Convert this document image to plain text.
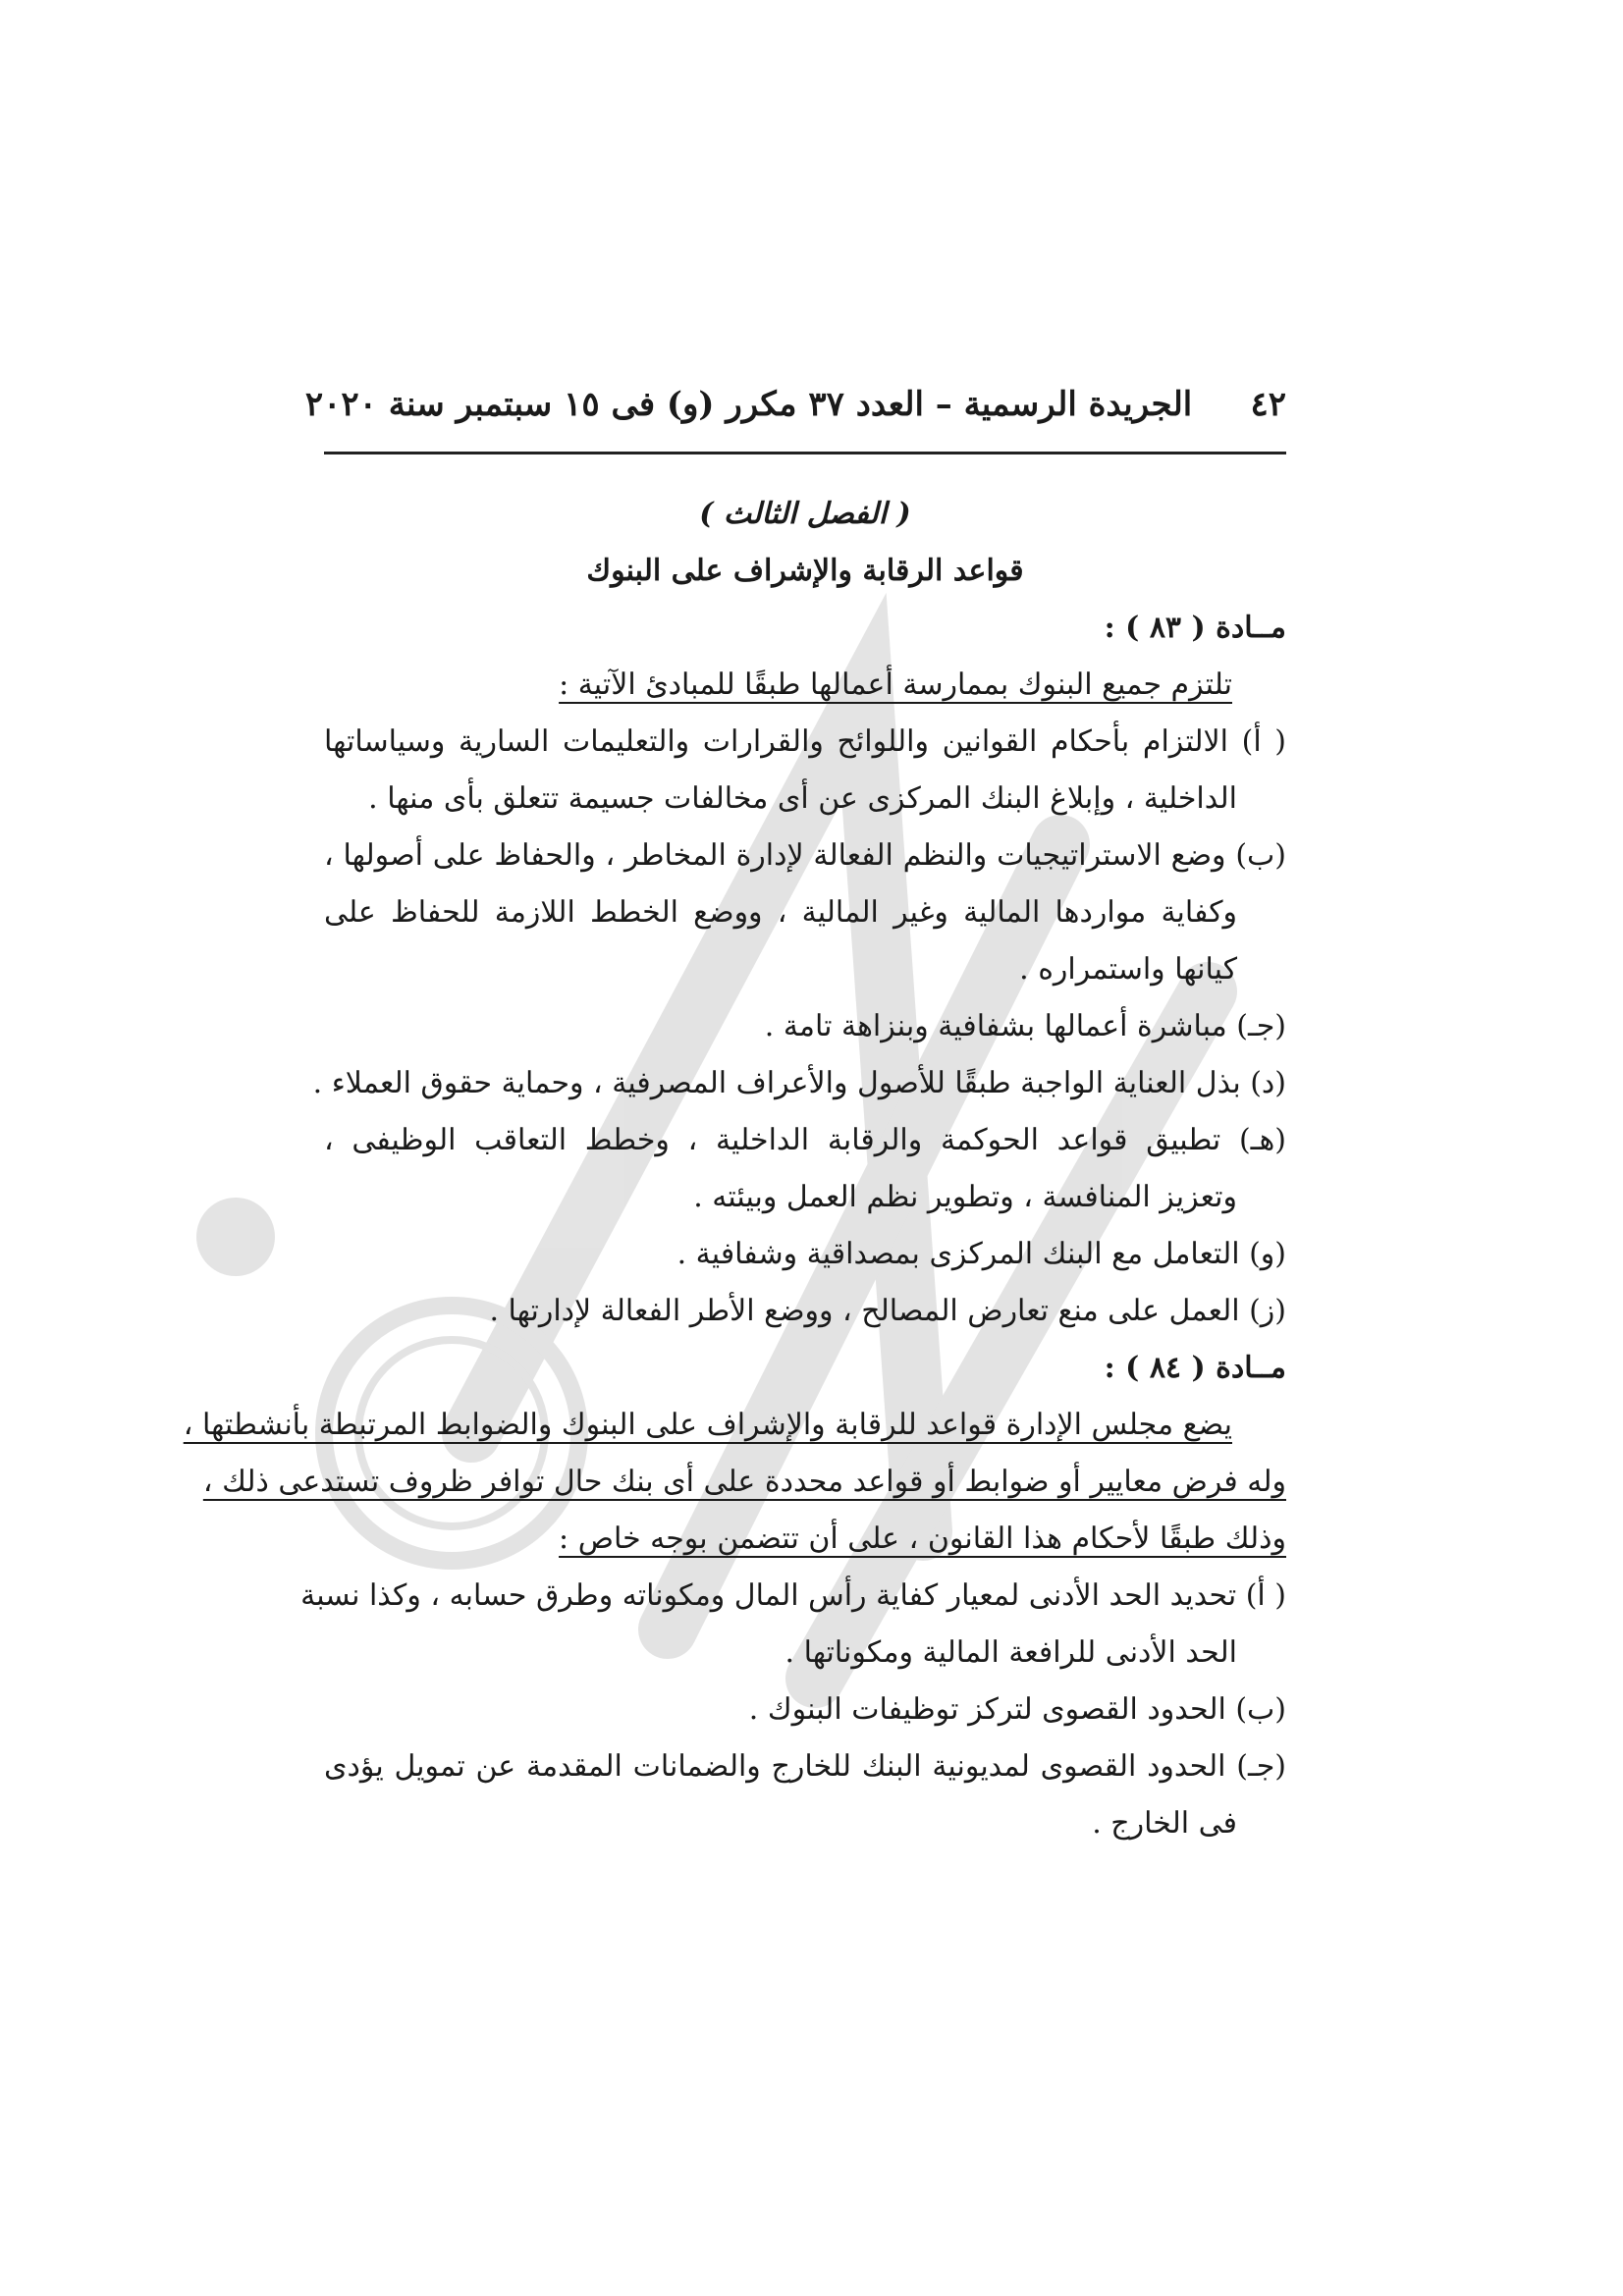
٤٢     الجريدة الرسمية – العدد ٣٧ مكرر (و) فى ١٥ سبتمبر سنة ٢٠٢٠
( الفصل الثالث )
قواعد الرقابة والإشراف على البنوك
مــادة ( ٨٣ ) :
تلتزم جميع البنوك بممارسة أعمالها طبقًا للمبادئ الآتية :
( أ) الالتزام بأحكام القوانين واللوائح والقرارات والتعليمات السارية وسياساتها
الداخلية ، وإبلاغ البنك المركزى عن أى مخالفات جسيمة تتعلق بأى منها .
(ب) وضع الاستراتيجيات والنظم الفعالة لإدارة المخاطر ، والحفاظ على أصولها ،
وكفاية مواردها المالية وغير المالية ، ووضع الخطط اللازمة للحفاظ على
كيانها واستمراره .
(جـ) مباشرة أعمالها بشفافية وبنزاهة تامة .
(د) بذل العناية الواجبة طبقًا للأصول والأعراف المصرفية ، وحماية حقوق العملاء .
(هـ) تطبيق قواعد الحوكمة والرقابة الداخلية ، وخطط التعاقب الوظيفى ،
وتعزيز المنافسة ، وتطوير نظم العمل وبيئته .
(و) التعامل مع البنك المركزى بمصداقية وشفافية .
(ز) العمل على منع تعارض المصالح ، ووضع الأطر الفعالة لإدارتها .
مــادة ( ٨٤ ) :
يضع مجلس الإدارة قواعد للرقابة والإشراف على البنوك والضوابط المرتبطة بأنشطتها ،
وله فرض معايير أو ضوابط أو قواعد محددة على أى بنك حال توافر ظروف تستدعى ذلك ،
وذلك طبقًا لأحكام هذا القانون ، على أن تتضمن بوجه خاص :
( أ) تحديد الحد الأدنى لمعيار كفاية رأس المال ومكوناته وطرق حسابه ، وكذا نسبة
الحد الأدنى للرافعة المالية ومكوناتها .
(ب) الحدود القصوى لتركز توظيفات البنوك .
(جـ) الحدود القصوى لمديونية البنك للخارج والضمانات المقدمة عن تمويل يؤدى
فى الخارج .
